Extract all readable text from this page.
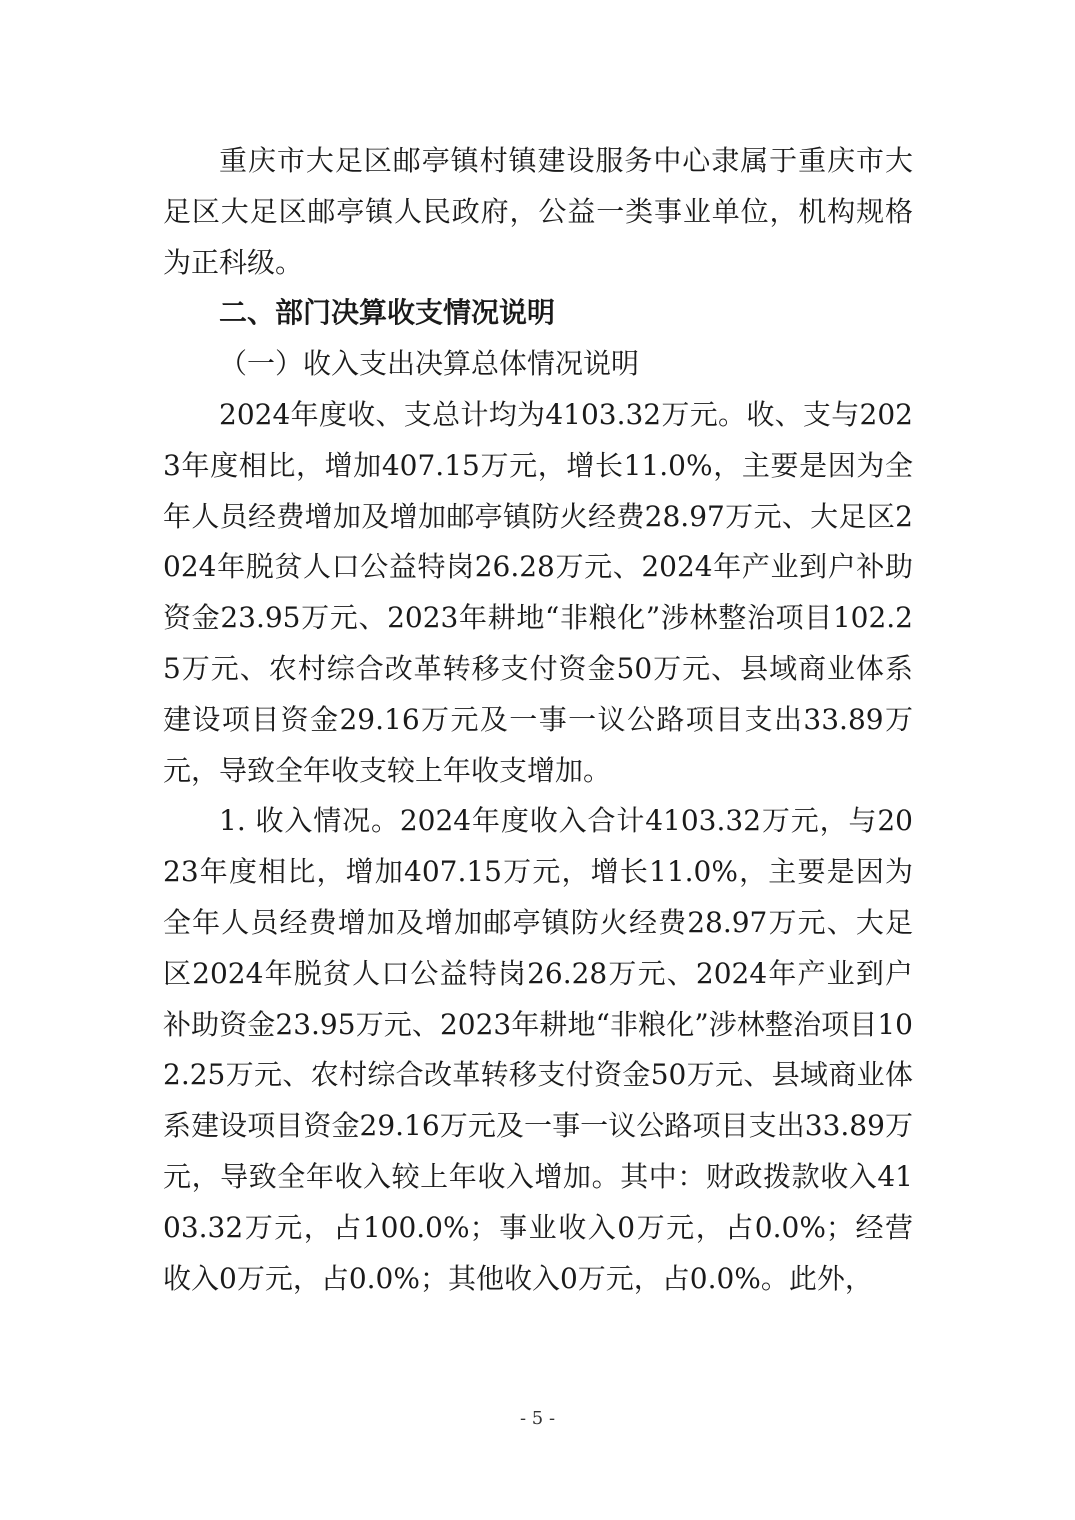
重庆市大足区邮亭镇村镇建设服务中心隶属于重庆市大足区大足区邮亭镇人民政府，公益一类事业单位，机构规格为正科级。

二、部门决算收支情况说明

（一）收入支出决算总体情况说明

2024年度收、支总计均为4103.32万元。收、支与2023年度相比，增加407.15万元，增长11.0%，主要是因为全年人员经费增加及增加邮亭镇防火经费28.97万元、大足区2024年脱贫人口公益特岗26.28万元、2024年产业到户补助资金23.95万元、2023年耕地“非粮化”涉林整治项目102.25万元、农村综合改革转移支付资金50万元、县域商业体系建设项目资金29.16万元及一事一议公路项目支出33.89万元，导致全年收支较上年收支增加。

1. 收入情况。2024年度收入合计4103.32万元，与2023年度相比，增加407.15万元，增长11.0%，主要是因为全年人员经费增加及增加邮亭镇防火经费28.97万元、大足区2024年脱贫人口公益特岗26.28万元、2024年产业到户补助资金23.95万元、2023年耕地“非粮化”涉林整治项目102.25万元、农村综合改革转移支付资金50万元、县域商业体系建设项目资金29.16万元及一事一议公路项目支出33.89万元，导致全年收入较上年收入增加。其中：财政拨款收入4103.32万元，占100.0%；事业收入0万元，占0.0%；经营收入0万元，占0.0%；其他收入0万元，占0.0%。此外，

- 5 -
